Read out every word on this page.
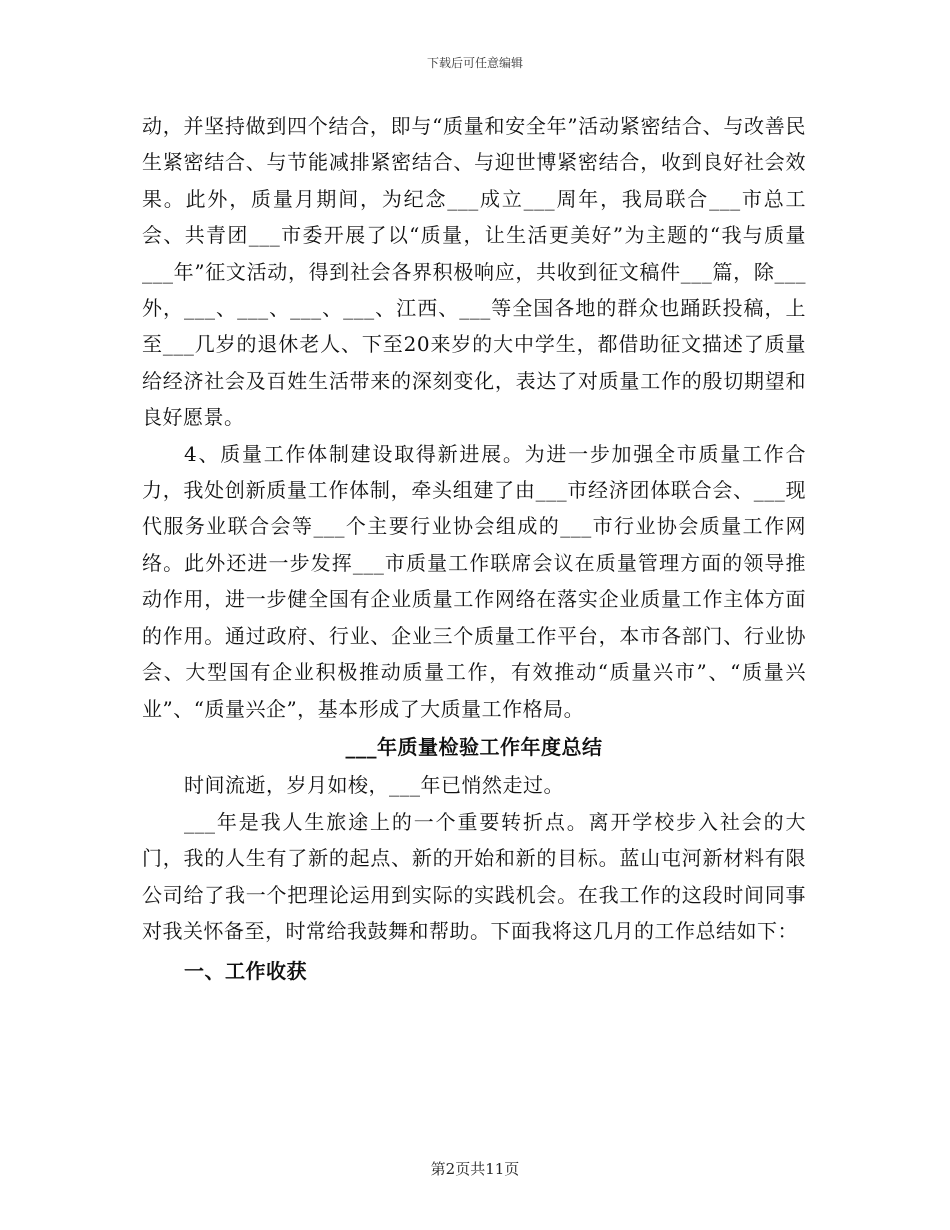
下载后可任意编辑

动，并坚持做到四个结合，即与“质量和安全年”活动紧密结合、与改善民生紧密结合、与节能减排紧密结合、与迎世博紧密结合，收到良好社会效果。此外，质量月期间，为纪念___成立___周年，我局联合___市总工会、共青团___市委开展了以“质量，让生活更美好”为主题的“我与质量___年”征文活动，得到社会各界积极响应，共收到征文稿件___篇，除___外，___、___、___、___、江西、___等全国各地的群众也踊跃投稿，上至___几岁的退休老人、下至20来岁的大中学生，都借助征文描述了质量给经济社会及百姓生活带来的深刻变化，表达了对质量工作的殷切期望和良好愿景。

4、质量工作体制建设取得新进展。为进一步加强全市质量工作合力，我处创新质量工作体制，牵头组建了由___市经济团体联合会、___现代服务业联合会等___个主要行业协会组成的___市行业协会质量工作网络。此外还进一步发挥___市质量工作联席会议在质量管理方面的领导推动作用，进一步健全国有企业质量工作网络在落实企业质量工作主体方面的作用。通过政府、行业、企业三个质量工作平台，本市各部门、行业协会、大型国有企业积极推动质量工作，有效推动“质量兴市”、“质量兴业”、“质量兴企”，基本形成了大质量工作格局。

___年质量检验工作年度总结

时间流逝，岁月如梭，___年已悄然走过。

___年是我人生旅途上的一个重要转折点。离开学校步入社会的大门，我的人生有了新的起点、新的开始和新的目标。蓝山屯河新材料有限公司给了我一个把理论运用到实际的实践机会。在我工作的这段时间同事对我关怀备至，时常给我鼓舞和帮助。下面我将这几月的工作总结如下：

一、工作收获

第2页共11页
